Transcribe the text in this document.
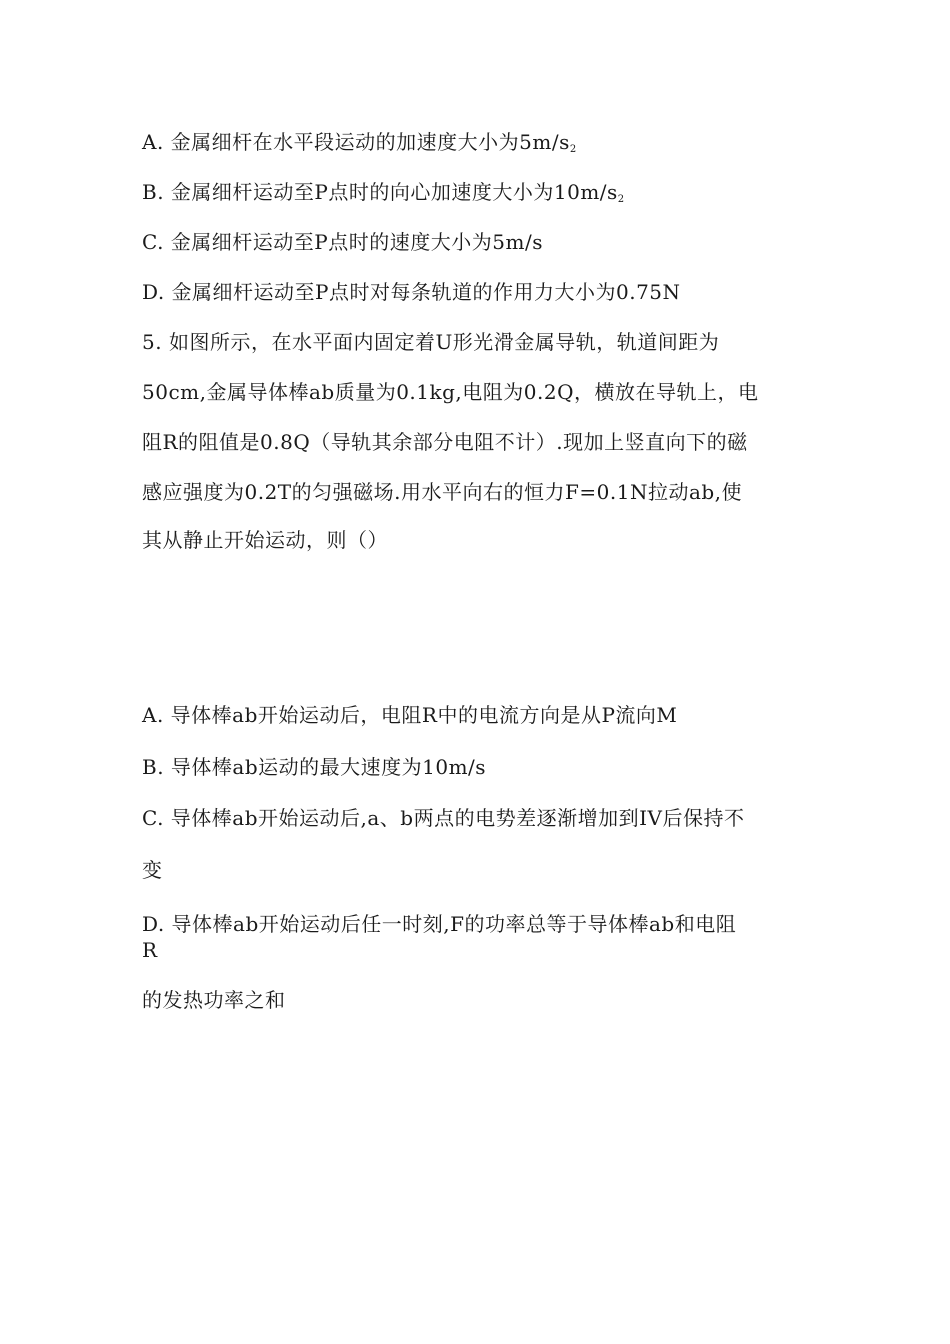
A. 金属细杆在水平段运动的加速度大小为$5m/s_2$
B. 金属细杆运动至P点时的向心加速度大小为$10m/s_2$
C. 金属细杆运动至P点时的速度大小为5m/s
D. 金属细杆运动至P点时对每条轨道的作用力大小为0.75N
5. 如图所示，在水平面内固定着U形光滑金属导轨，轨道间距为
50cm,金属导体棒ab质量为0.1kg,电阻为0.2Q，横放在导轨上，电
阻R的阻值是0.8Q（导轨其余部分电阻不计）.现加上竖直向下的磁
感应强度为0.2T的匀强磁场.用水平向右的恒力F=0.1N拉动ab,使
其从静止开始运动，则（）
A. 导体棒ab开始运动后，电阻R中的电流方向是从P流向M
B. 导体棒ab运动的最大速度为10m/s
C. 导体棒ab开始运动后,a、b两点的电势差逐渐增加到IV后保持不
变
D. 导体棒ab开始运动后任一时刻,F的功率总等于导体棒ab和电阻
R
的发热功率之和
